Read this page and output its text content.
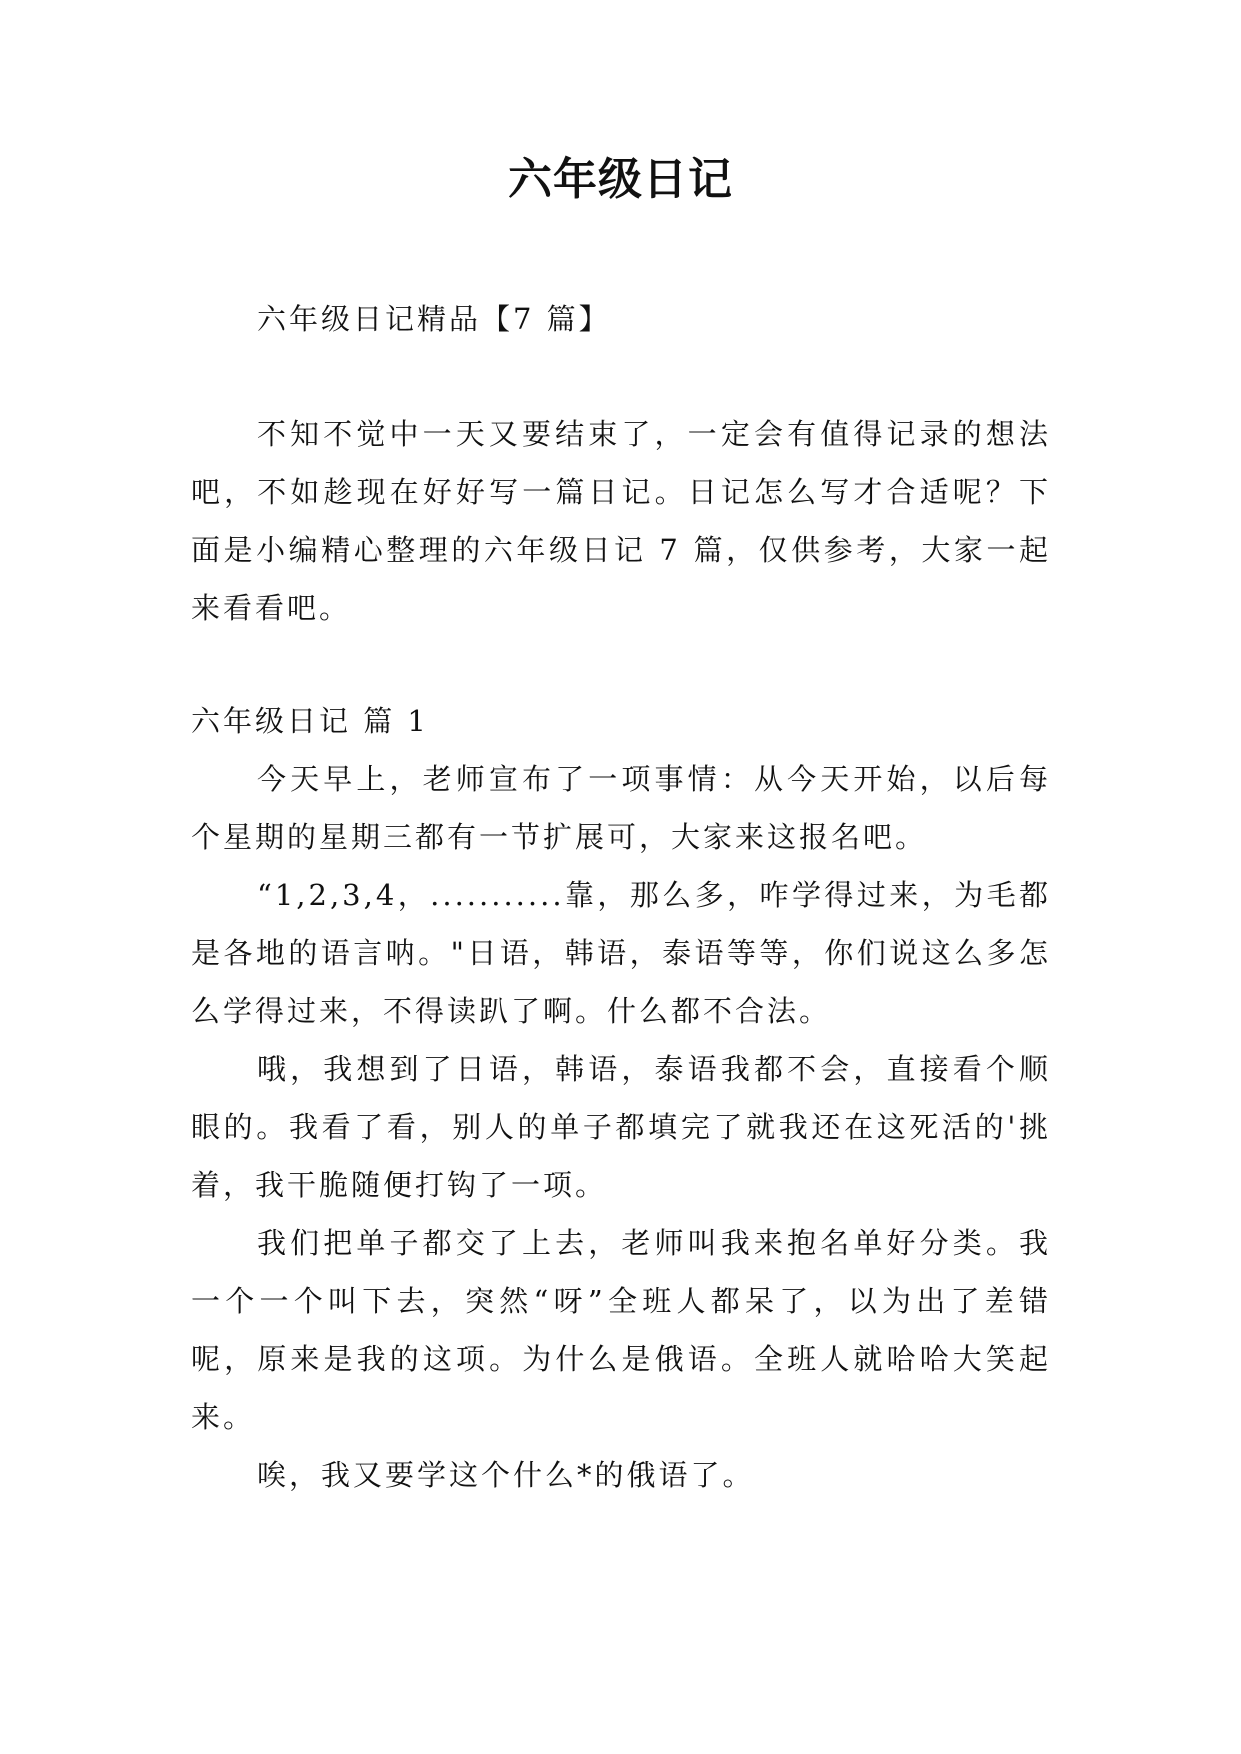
六年级日记

六年级日记精品【7 篇】

不知不觉中一天又要结束了，一定会有值得记录的想法吧，不如趁现在好好写一篇日记。日记怎么写才合适呢？下面是小编精心整理的六年级日记 7 篇，仅供参考，大家一起来看看吧。

六年级日记 篇 1

今天早上，老师宣布了一项事情：从今天开始，以后每个星期的星期三都有一节扩展可，大家来这报名吧。

“1,2,3,4，...........靠，那么多，咋学得过来，为毛都是各地的语言呐。"日语，韩语，泰语等等，你们说这么多怎么学得过来，不得读趴了啊。什么都不合法。

哦，我想到了日语，韩语，泰语我都不会，直接看个顺眼的。我看了看，别人的单子都填完了就我还在这死活的'挑着，我干脆随便打钩了一项。

我们把单子都交了上去，老师叫我来抱名单好分类。我一个一个叫下去，突然“呀”全班人都呆了，以为出了差错呢，原来是我的这项。为什么是俄语。全班人就哈哈大笑起来。

唉，我又要学这个什么*的俄语了。
